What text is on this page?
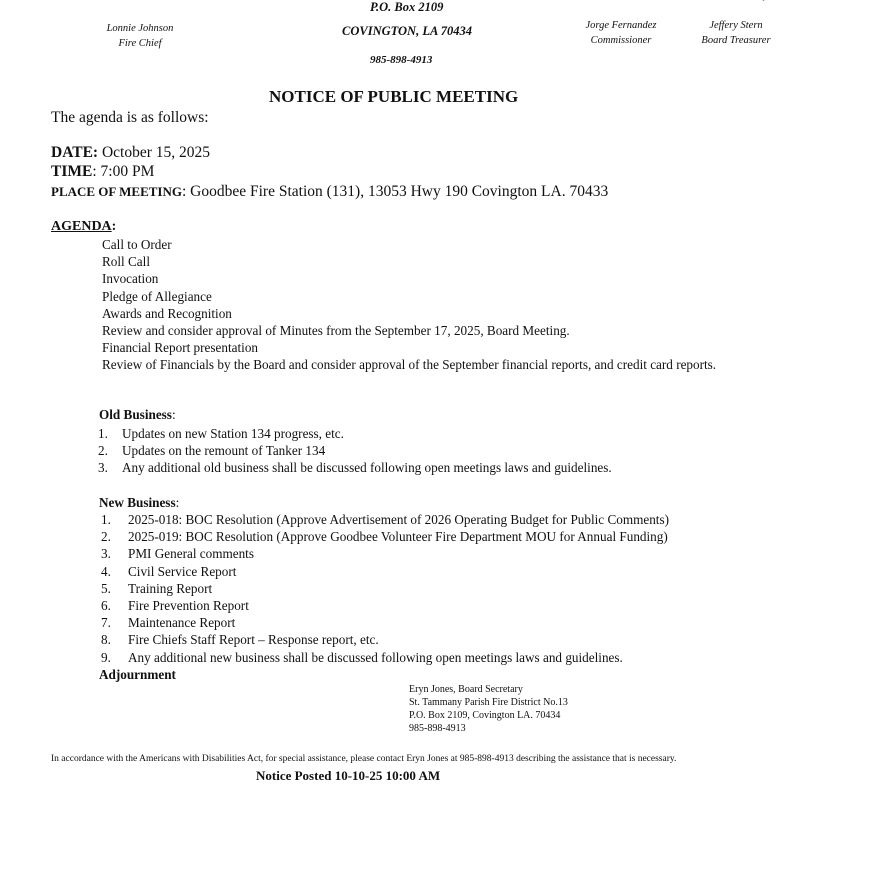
Lonnie Johnson
Fire Chief
P.O. Box 2109
COVINGTON, LA 70434
985-898-4913
Jorge Fernandez
Commissioner
Jeffery Stern
Board Treasurer
NOTICE OF PUBLIC MEETING
The agenda is as follows:
DATE: October 15, 2025
TIME: 7:00 PM
PLACE OF MEETING: Goodbee Fire Station (131), 13053 Hwy 190 Covington LA. 70433
AGENDA:
Call to Order
Roll Call
Invocation
Pledge of Allegiance
Awards and Recognition
Review and consider approval of Minutes from the September 17, 2025, Board Meeting.
Financial Report presentation
Review of Financials by the Board and consider approval of the September financial reports, and credit card reports.
Old Business:
1. Updates on new Station 134 progress, etc.
2. Updates on the remount of Tanker 134
3. Any additional old business shall be discussed following open meetings laws and guidelines.
New Business:
1. 2025-018: BOC Resolution (Approve Advertisement of 2026 Operating Budget for Public Comments)
2. 2025-019: BOC Resolution (Approve Goodbee Volunteer Fire Department MOU for Annual Funding)
3. PMI General comments
4. Civil Service Report
5. Training Report
6. Fire Prevention Report
7. Maintenance Report
8. Fire Chiefs Staff Report – Response report, etc.
9. Any additional new business shall be discussed following open meetings laws and guidelines.
Adjournment
Eryn Jones, Board Secretary
St. Tammany Parish Fire District No.13
P.O. Box 2109, Covington LA. 70434
985-898-4913
In accordance with the Americans with Disabilities Act, for special assistance, please contact Eryn Jones at 985-898-4913 describing the assistance that is necessary.
Notice Posted 10-10-25 10:00 AM
